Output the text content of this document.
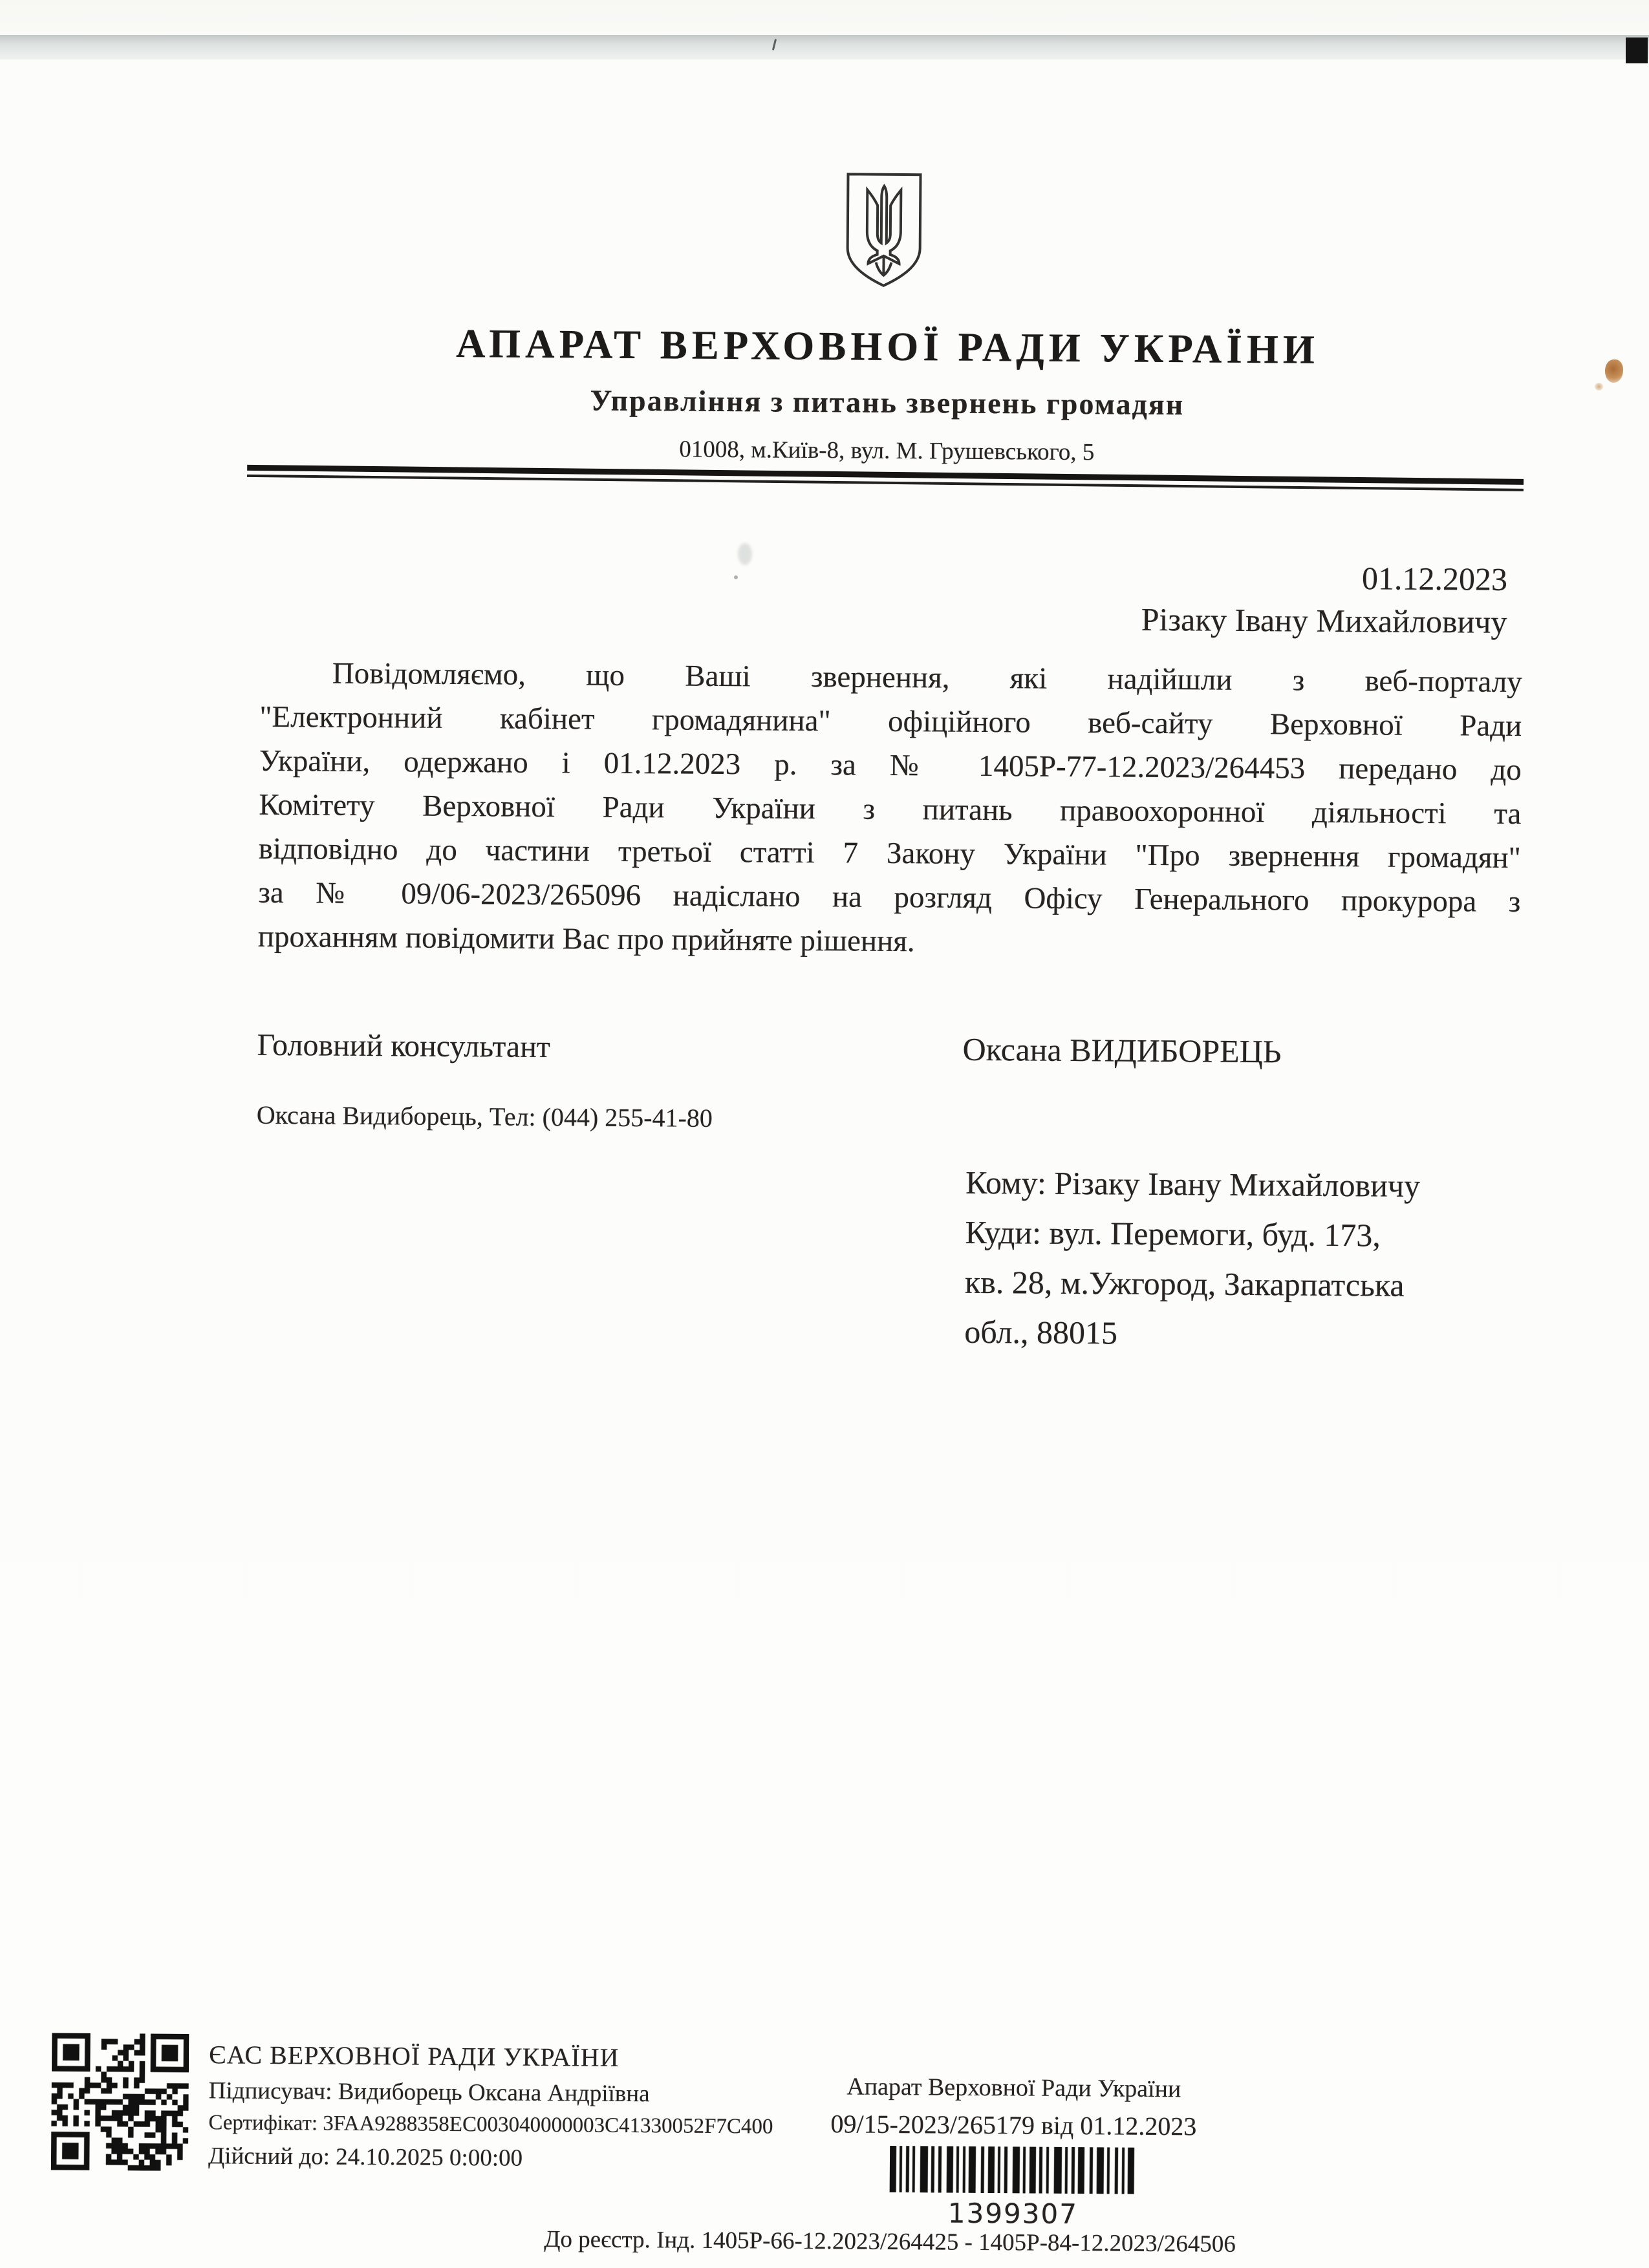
АПАРАТ ВЕРХОВНОЇ РАДИ УКРАЇНИ
Управління з питань звернень громадян
01008, м.Київ-8, вул. М. Грушевського, 5
01.12.2023
Різаку Івану Михайловичу
Повідомляємо, що Ваші звернення, які надійшли з веб-порталу
"Електронний кабінет громадянина" офіційного веб-сайту Верховної Ради
України, одержано і 01.12.2023 р. за № 1405Р-77-12.2023/264453 передано до
Комітету Верховної Ради України з питань правоохоронної діяльності та
відповідно до частини третьої статті 7 Закону України "Про звернення громадян"
за № 09/06-2023/265096 надіслано на розгляд Офісу Генерального прокурора з
проханням повідомити Вас про прийняте рішення.
Головний консультант	Оксана ВИДИБОРЕЦЬ
Оксана Видиборець, Тел: (044) 255-41-80
Кому: Різаку Івану Михайловичу
Куди: вул. Перемоги, буд. 173,
кв. 28, м.Ужгород, Закарпатська
обл., 88015
ЄАС ВЕРХОВНОЇ РАДИ УКРАЇНИ
Підписувач: Видиборець Оксана Андріївна
Сертифікат: 3FAA9288358EC003040000003C41330052F7C400
Дійсний до: 24.10.2025 0:00:00
Апарат Верховної Ради України
09/15-2023/265179 від 01.12.2023
1399307
До реєстр. Інд. 1405Р-66-12.2023/264425 - 1405Р-84-12.2023/264506
